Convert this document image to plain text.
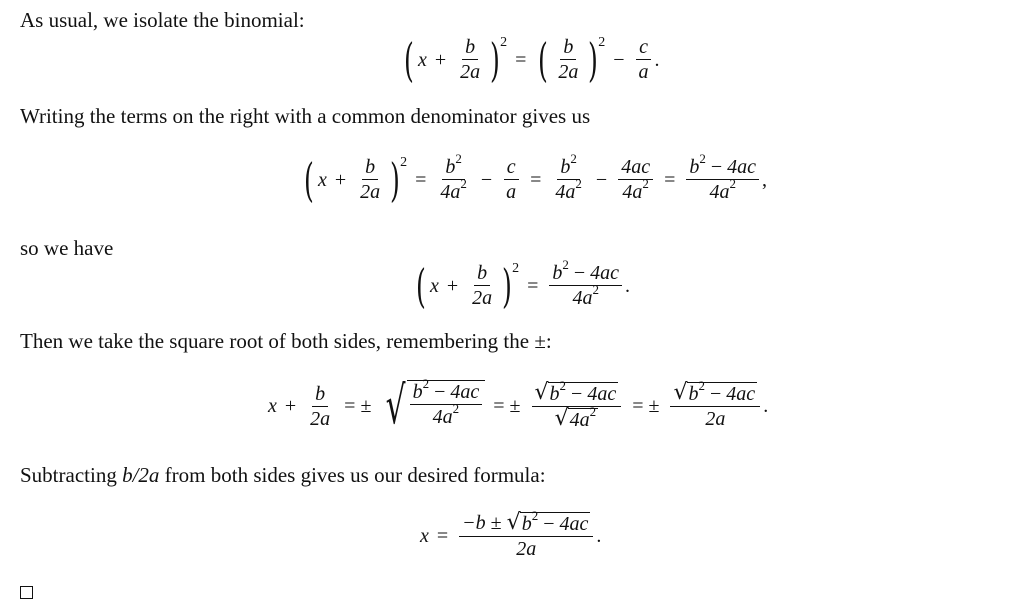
As usual, we isolate the binomial:
( $x + \frac{b}{2a}$ ) 2
= ( $\frac{b}{2a}$ ) 2
− $\frac{c}{a}$ .
Writing the terms on the right with a common denominator gives us
( $x + \frac{b}{2a}$ ) 2
= $\frac{b^2}{4a^2} - \frac{c}{a} = \frac{b^2}{4a^2} - \frac{4ac}{4a^2} = \frac{b^2 - 4ac}{4a^2}$ ,
so we have
( $x + \frac{b}{2a}$ ) 2
= $\frac{b^2 - 4ac}{4a^2}$ .
Then we take the square root of both sides, remembering the ±:
$x + \frac{b}{2a}$ = ± √ $\frac{b^2 - 4ac}{4a^2}$ = ± $\frac{√ b^2 - 4ac}{√ 4a^2}$ = ± $\frac{√ b^2 - 4ac}{2a}$ .
Subtracting b/2a from both sides gives us our desired formula:
$x = \frac{-b \pm √ b^2 - 4ac}{2a}$ .
